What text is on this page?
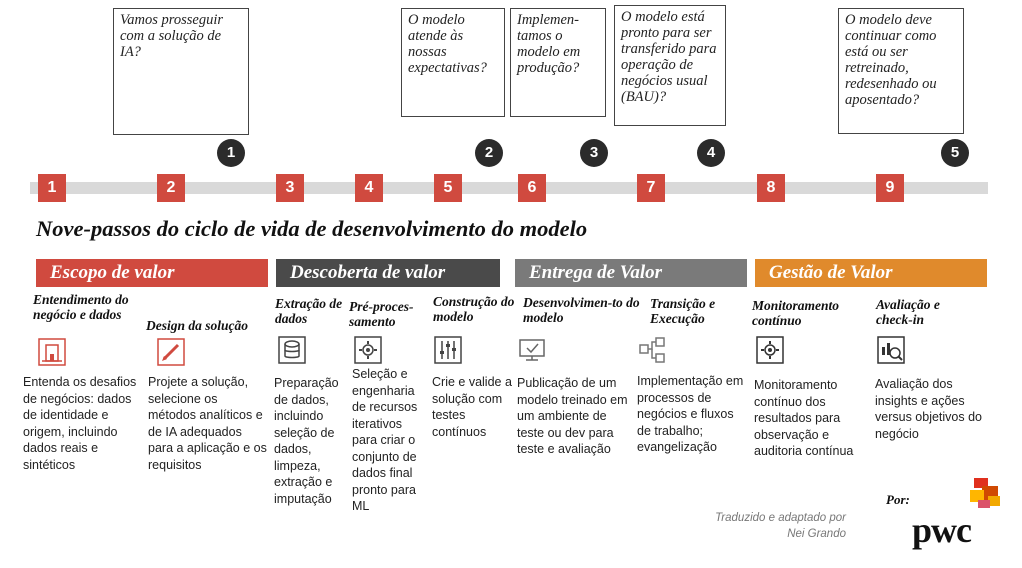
Vamos prosseguir com a solução de IA?
O modelo atende às nossas expectativas?
Implemen-tamos o modelo em produção?
O modelo está pronto para ser transferido para operação de negócios usual (BAU)?
O modelo deve continuar como está ou ser retreinado, redesenhado ou aposentado?
1	2	3	4	5
1	2	3	4	5	6	7	8	9
Nove-passos do ciclo de vida de desenvolvimento do modelo
Escopo de valor	Descoberta de valor	Entrega de Valor	Gestão de Valor
Entendimento do negócio e dados
Design da solução
Extração de dados
Pré-proces-samento
Construção do modelo
Desenvolvimen-to do modelo
Transição e Execução
Monitoramento contínuo
Avaliação e check-in
Entenda os desafios de negócios: dados de identidade e origem, incluindo dados reais e sintéticos
Projete a solução, selecione os métodos analíticos e de IA adequados para a aplicação e os requisitos
Preparação de dados, incluindo seleção de dados, limpeza, extração e imputação
Seleção e engenharia de recursos iterativos para criar o conjunto de dados final pronto para ML
Crie e valide a solução com testes contínuos
Publicação de um modelo treinado em um ambiente de teste ou dev para teste e avaliação
Implementação em processos de negócios e fluxos de trabalho; evangelização
Monitoramento contínuo dos resultados para observação e auditoria contínua
Avaliação dos insights e ações versus objetivos do negócio
Traduzido e adaptado por
Nei Grando
Por:
pwc
